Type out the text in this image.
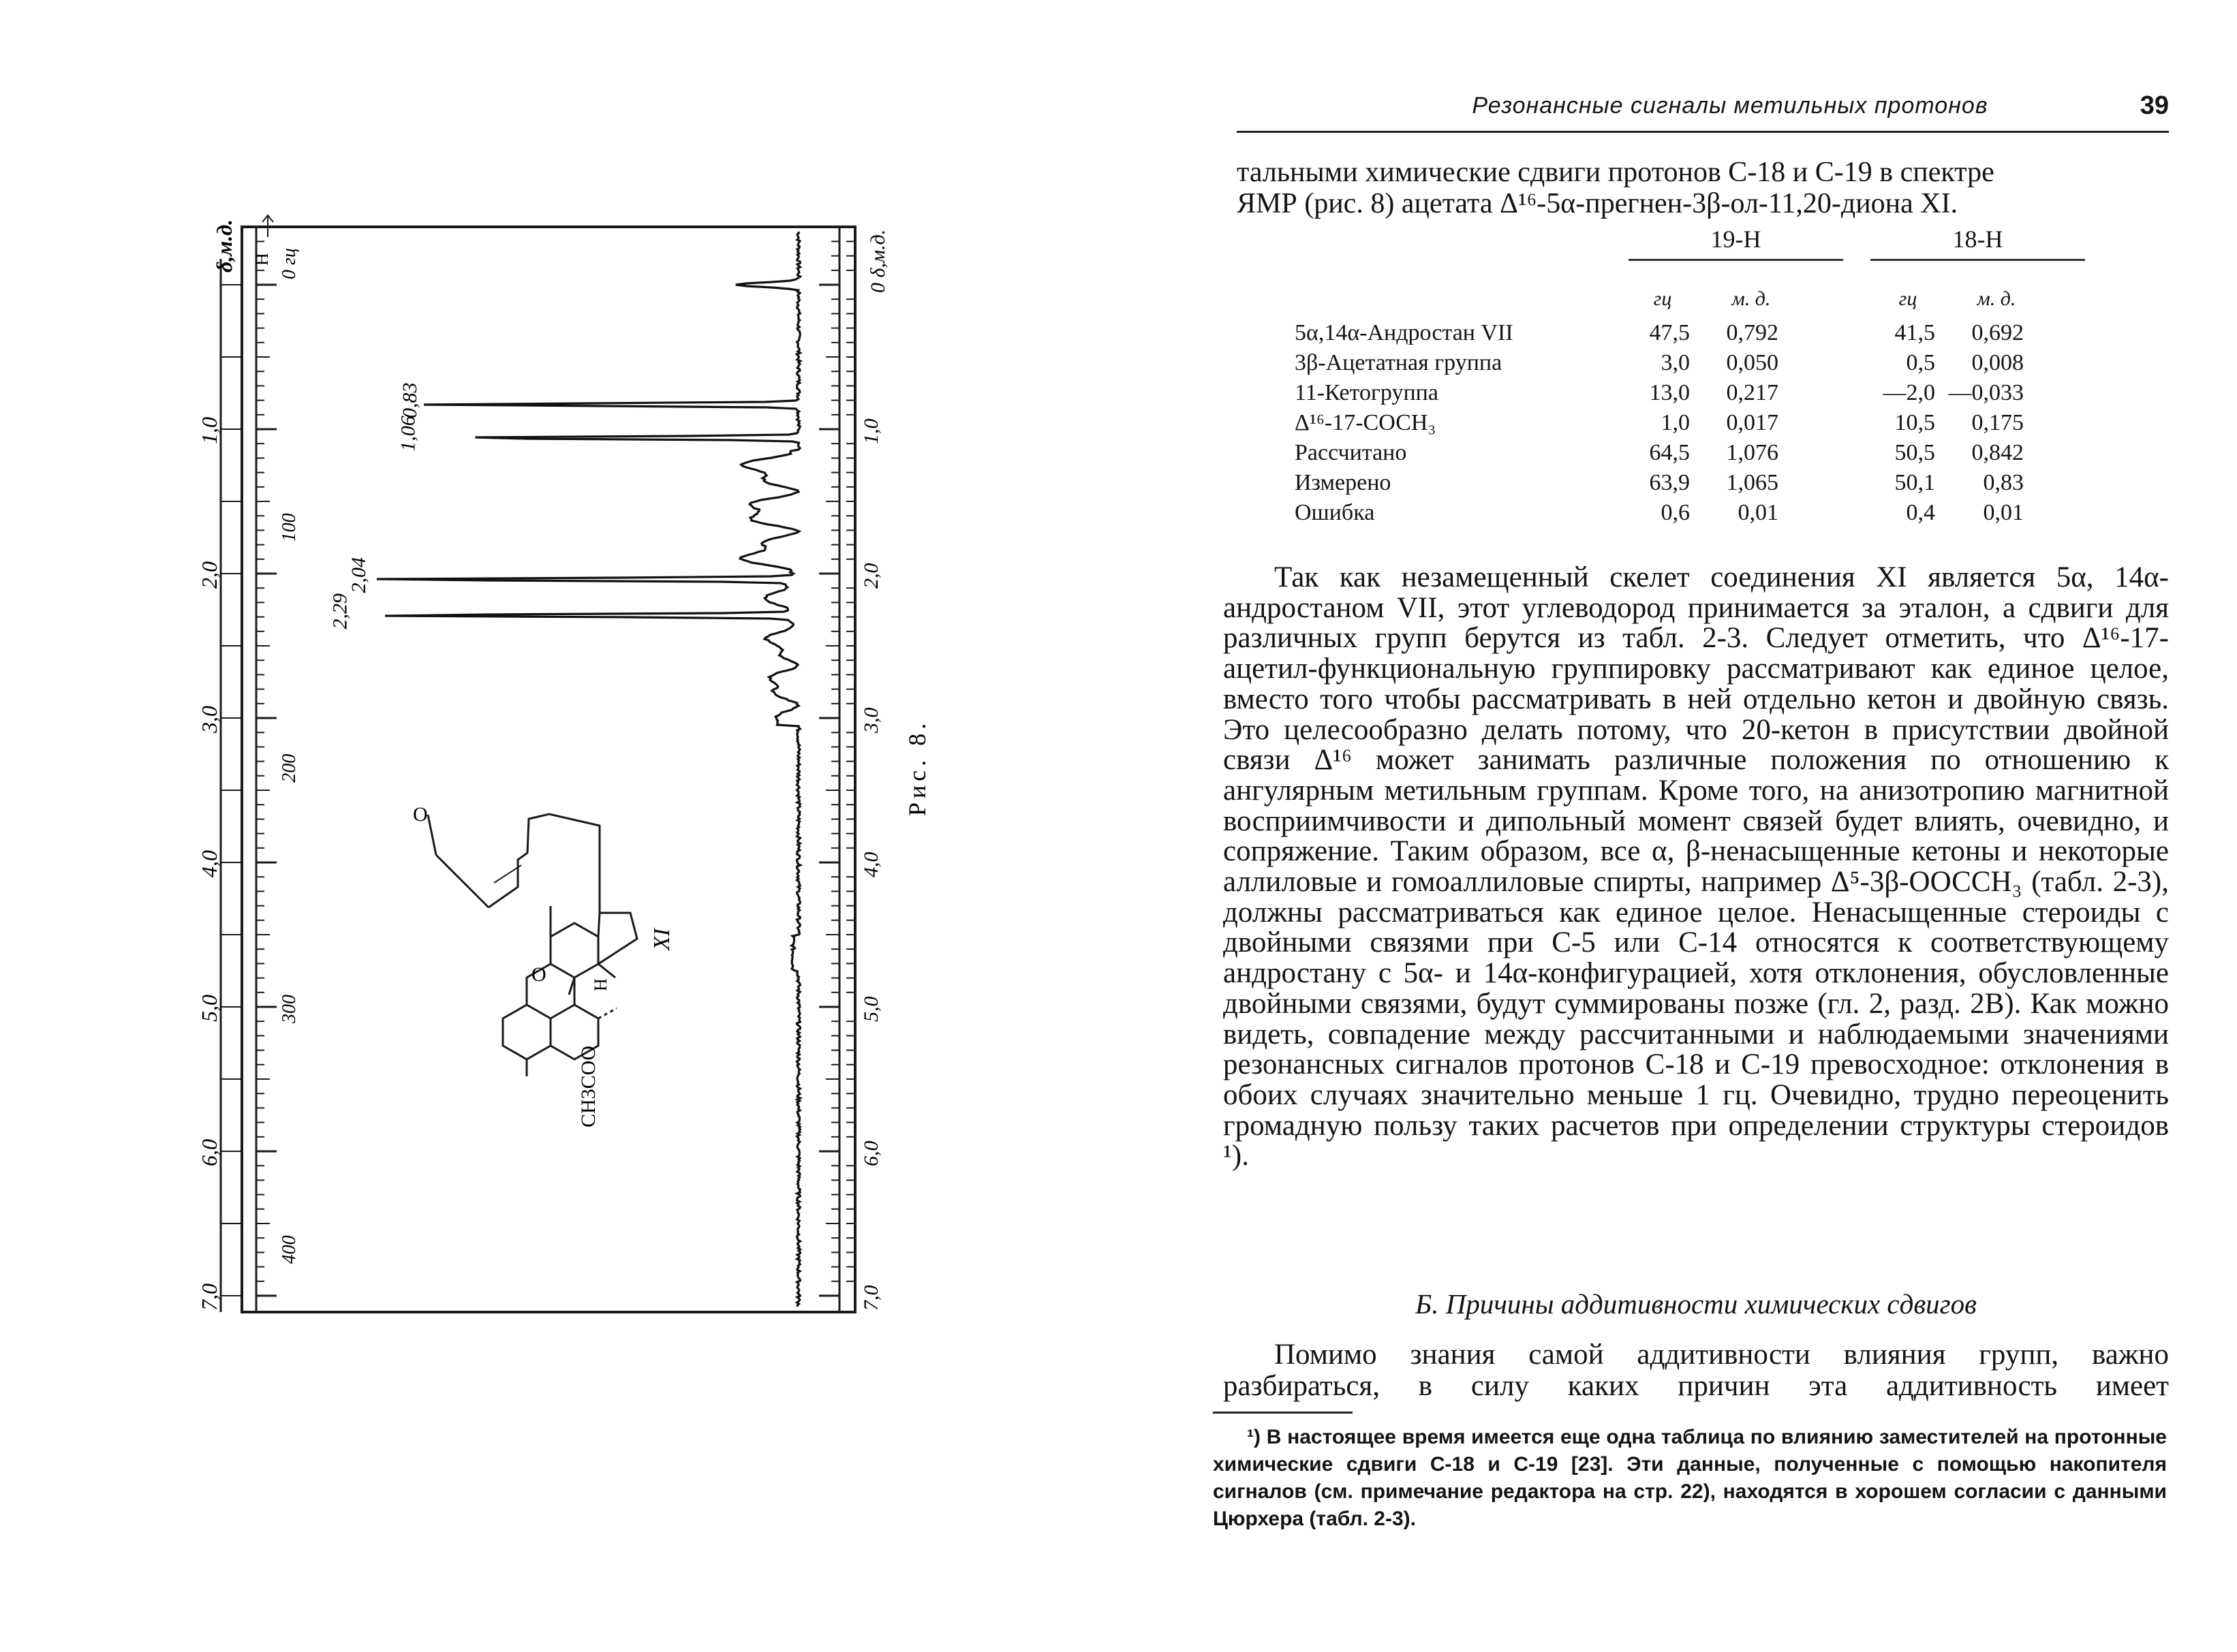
1,0
2,0
3,0
4,0
5,0
6,0
7,0
100
200
300
400
1,0
2,0
3,0
4,0
5,0
6,0
7,0
δ,м.д. H 0 гц	0 δ,м.д.
0,83
1,06
2,04
2,29
O
O
H
CH3COO
XI
Рис. 8.
Резонансные сигналы метильных протонов	39

тальными химические сдвиги протонов С-18 и С-19 в спектре

ЯМР (рис. 8) ацетата Δ¹⁶-5α-прегнен-3β-ол-11,20-диона XI.

19-Н	18-Н
гц	м. д.	гц	м. д.
5α,14α-Андростан VII	47,5	0,792	41,5	0,692
3β-Ацетатная группа	3,0	0,050	0,5	0,008
11-Кетогруппа	13,0	0,217	—2,0 —0,033
Δ¹⁶-17-СОСН₃	1,0	0,017	10,5	0,175
Рассчитано	64,5	1,076	50,5	0,842
Измерено	63,9	1,065	50,1	0,83
Ошибка	0,6	0,01	0,4	0,01

Так как незамещенный скелет соединения XI является 5α, 14α-андростаном VII, этот углеводород принимается за эталон, а сдвиги для различных групп берутся из табл. 2-3. Следует отметить, что Δ¹⁶-17-ацетил-функциональную группировку рассматривают как единое целое, вместо того чтобы рассматривать в ней отдельно кетон и двойную связь. Это целесообразно делать потому, что 20-кетон в присутствии двойной связи Δ¹⁶ может занимать различные положения по отношению к ангулярным метильным группам. Кроме того, на анизотропию магнитной восприимчивости и дипольный момент связей будет влиять, очевидно, и сопряжение. Таким образом, все α, β-ненасыщенные кетоны и некоторые аллиловые и гомоаллиловые спирты, например Δ⁵-3β-ООССН₃ (табл. 2-3), должны рассматриваться как единое целое. Ненасыщенные стероиды с двойными связями при С-5 или С-14 относятся к соответствующему андростану с 5α- и 14α-конфигурацией, хотя отклонения, обусловленные двойными связями, будут суммированы позже (гл. 2, разд. 2В). Как можно видеть, совпадение между рассчитанными и наблюдаемыми значениями резонансных сигналов протонов С-18 и С-19 превосходное: отклонения в обоих случаях значительно меньше 1 гц. Очевидно, трудно переоценить громадную пользу таких расчетов при определении структуры стероидов ¹).

Б. Причины аддитивности химических сдвигов

Помимо знания самой аддитивности влияния групп, важно

разбираться, в силу каких причин эта аддитивность имеет

¹) В настоящее время имеется еще одна таблица по влиянию заместителей на протонные химические сдвиги С-18 и С-19 [23]. Эти данные, полученные с помощью накопителя сигналов (см. примечание редактора на стр. 22), находятся в хорошем согласии с данными Цюрхера (табл. 2-3).
